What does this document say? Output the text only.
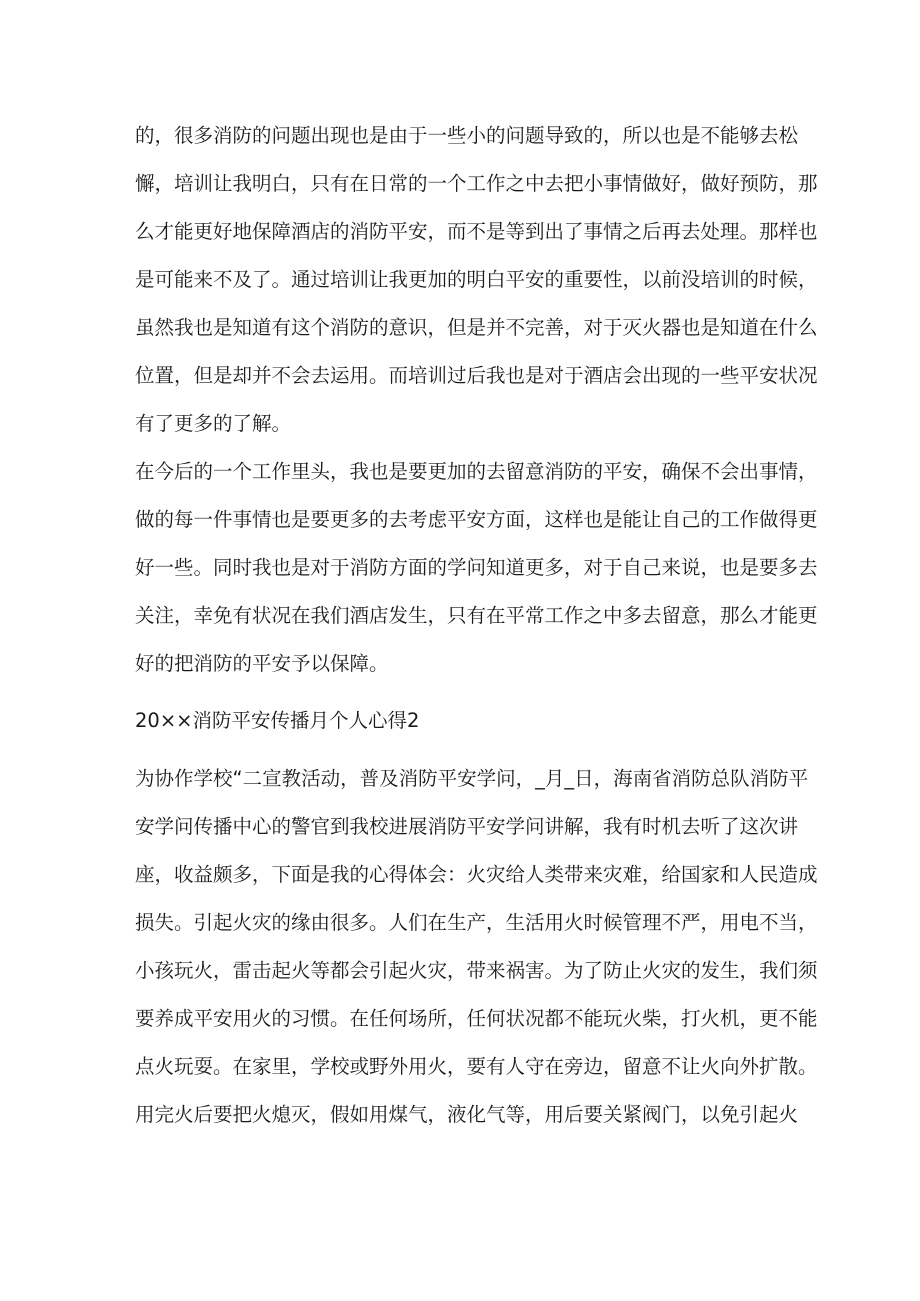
的，很多消防的问题出现也是由于一些小的问题导致的，所以也是不能够去松

懈，培训让我明白，只有在日常的一个工作之中去把小事情做好，做好预防，那

么才能更好地保障酒店的消防平安，而不是等到出了事情之后再去处理。那样也

是可能来不及了。通过培训让我更加的明白平安的重要性，以前没培训的时候，

虽然我也是知道有这个消防的意识，但是并不完善，对于灭火器也是知道在什么

位置，但是却并不会去运用。而培训过后我也是对于酒店会出现的一些平安状况

有了更多的了解。

在今后的一个工作里头，我也是要更加的去留意消防的平安，确保不会出事情，

做的每一件事情也是要更多的去考虑平安方面，这样也是能让自己的工作做得更

好一些。同时我也是对于消防方面的学问知道更多，对于自己来说，也是要多去

关注，幸免有状况在我们酒店发生，只有在平常工作之中多去留意，那么才能更

好的把消防的平安予以保障。

20××消防平安传播月个人心得2

为协作学校“二宣教活动，普及消防平安学问，_月_日，海南省消防总队消防平

安学问传播中心的警官到我校进展消防平安学问讲解，我有时机去听了这次讲

座，收益颇多，下面是我的心得体会：火灾给人类带来灾难，给国家和人民造成

损失。引起火灾的缘由很多。人们在生产，生活用火时候管理不严，用电不当，

小孩玩火，雷击起火等都会引起火灾，带来祸害。为了防止火灾的发生，我们须

要养成平安用火的习惯。在任何场所，任何状况都不能玩火柴，打火机，更不能

点火玩耍。在家里，学校或野外用火，要有人守在旁边，留意不让火向外扩散。

用完火后要把火熄灭，假如用煤气，液化气等，用后要关紧阀门，以免引起火
